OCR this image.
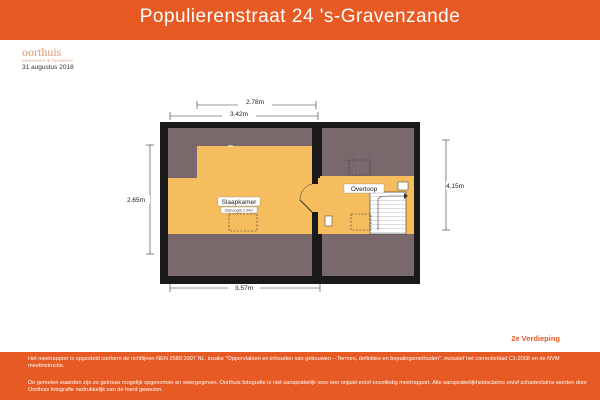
Populierenstraat 24 's-Gravenzande
oorthuis
makelaars & taxateurs
31 augustus 2018
2.78m
3.42m
2.65m
4.15m
3.57m
Slaapkamer
Stahoogte 2.04m
Overloop
2e Verdieping

Het meetrapport is opgesteld conform de richtlijnen NEN 2580:2007 NL, inzake "Oppervlakten en inhouden van gebouwen – Termen, definities en bepalingsmethoden", inclusief het correctieblad C1:2008 en de NVM meetinstructie.

De gemeten waarden zijn zo getrouw mogelijk opgenomen en weergegeven. Oorthuis fotografie is niet aansprakelijk voor een onjuist en/of onvolledig meetrapport. Alle aansprakelijkheidsclaims en/of schadeclaims worden door Oorthuis fotografie nadrukkelijk van de hand gewezen.
